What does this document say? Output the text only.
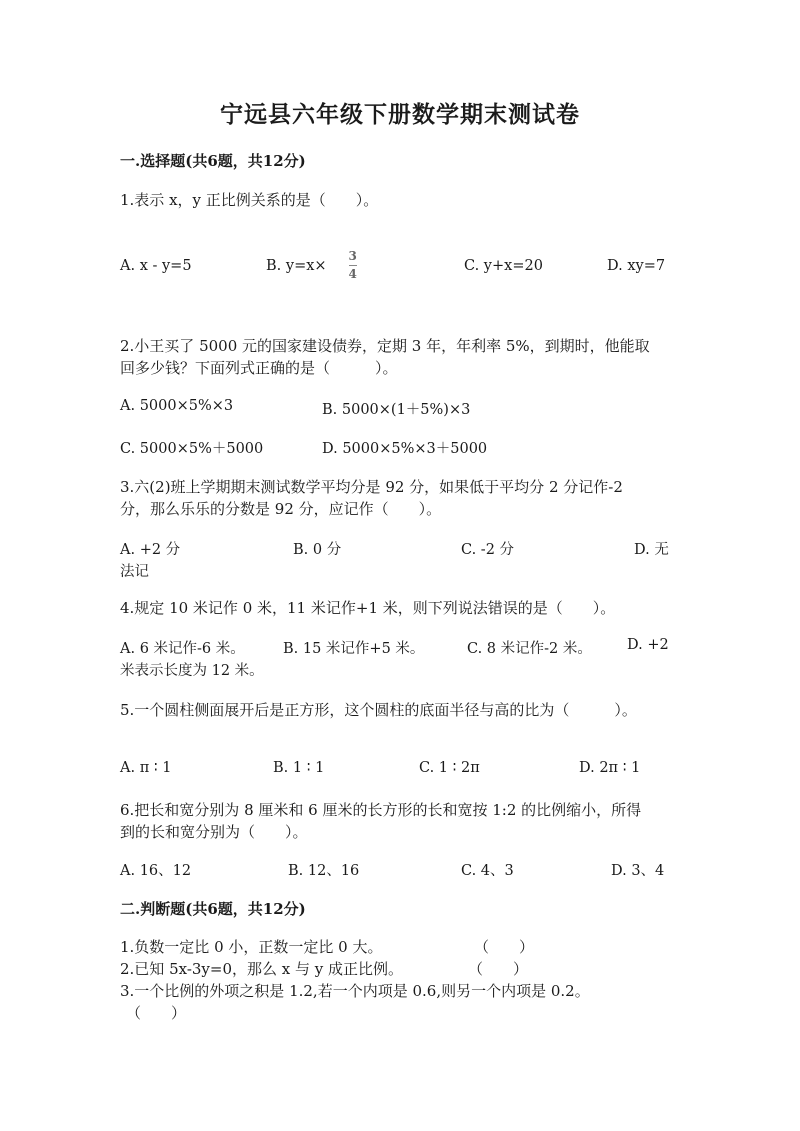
宁远县六年级下册数学期末测试卷
一.选择题(共6题，共12分)
1.表示 x，y 正比例关系的是（　　）。
A. x - y=5	B. $y=x\times \frac{3}{4}$	C. y+x=20	D. xy=7
2.小王买了 5000 元的国家建设债券，定期 3 年，年利率 5%，到期时，他能取
回多少钱？下面列式正确的是（　　　）。
A. 5000×5%×3	B. 5000×(1＋5%)×3
C. 5000×5%＋5000	D. 5000×5%×3＋5000
3.六(2)班上学期期末测试数学平均分是 92 分，如果低于平均分 2 分记作-2
分，那么乐乐的分数是 92 分，应记作（　　）。
A. +2 分	B. 0 分	C. -2 分	D. 无
法记
4.规定 10 米记作 0 米，11 米记作+1 米，则下列说法错误的是（　　）。
A. 6 米记作-6 米。	B. 15 米记作+5 米。	C. 8 米记作-2 米。 D. +2
米表示长度为 12 米。
5.一个圆柱侧面展开后是正方形，这个圆柱的底面半径与高的比为（　　　）。
A. π ∶ 1	B. 1 ∶ 1	C. 1 ∶ 2π	D. 2π ∶ 1
6.把长和宽分别为 8 厘米和 6 厘米的长方形的长和宽按 1:2 的比例缩小，所得
到的长和宽分别为（　　）。
A. 16、12	B. 12、16	C. 4、3	D. 3、4
二.判断题(共6题，共12分)
1.负数一定比 0 小，正数一定比 0 大。	（　　）
2.已知 5x-3y=0，那么 x 与 y 成正比例。	（　　）
3.一个比例的外项之积是 1.2,若一个内项是 0.6,则另一个内项是 0.2。
（　　）
